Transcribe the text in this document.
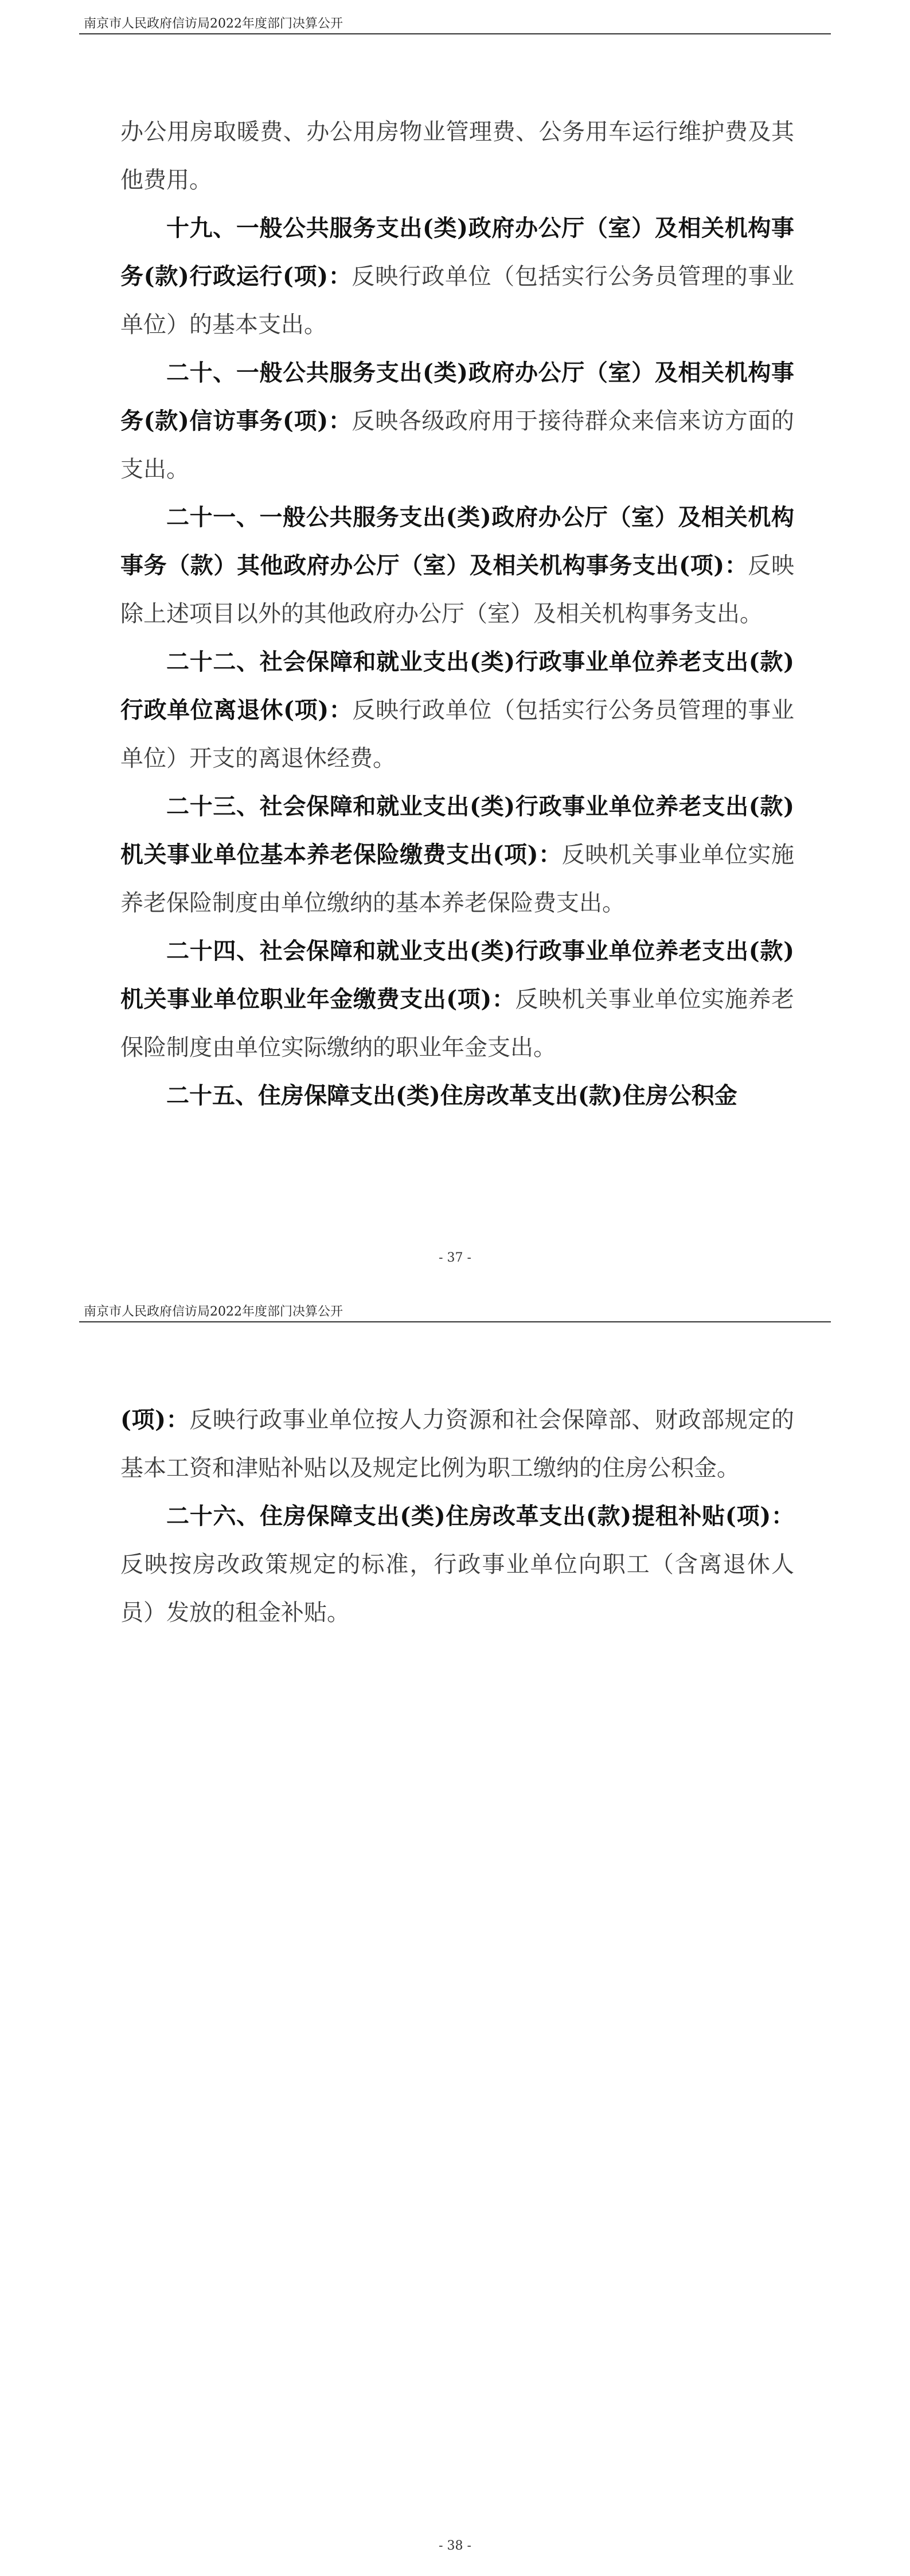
南京市人民政府信访局2022年度部门决算公开

办公用房取暖费、办公用房物业管理费、公务用车运行维护费及其他费用。

十九、一般公共服务支出(类)政府办公厅（室）及相关机构事务(款)行政运行(项)：反映行政单位（包括实行公务员管理的事业单位）的基本支出。

二十、一般公共服务支出(类)政府办公厅（室）及相关机构事务(款)信访事务(项)：反映各级政府用于接待群众来信来访方面的支出。

二十一、一般公共服务支出(类)政府办公厅（室）及相关机构事务（款）其他政府办公厅（室）及相关机构事务支出(项)：反映除上述项目以外的其他政府办公厅（室）及相关机构事务支出。

二十二、社会保障和就业支出(类)行政事业单位养老支出(款)行政单位离退休(项)：反映行政单位（包括实行公务员管理的事业单位）开支的离退休经费。

二十三、社会保障和就业支出(类)行政事业单位养老支出(款)机关事业单位基本养老保险缴费支出(项)：反映机关事业单位实施养老保险制度由单位缴纳的基本养老保险费支出。

二十四、社会保障和就业支出(类)行政事业单位养老支出(款)机关事业单位职业年金缴费支出(项)：反映机关事业单位实施养老保险制度由单位实际缴纳的职业年金支出。

二十五、住房保障支出(类)住房改革支出(款)住房公积金

- 37 -
南京市人民政府信访局2022年度部门决算公开

(项)：反映行政事业单位按人力资源和社会保障部、财政部规定的基本工资和津贴补贴以及规定比例为职工缴纳的住房公积金。

二十六、住房保障支出(类)住房改革支出(款)提租补贴(项)：反映按房改政策规定的标准，行政事业单位向职工（含离退休人员）发放的租金补贴。

- 38 -
